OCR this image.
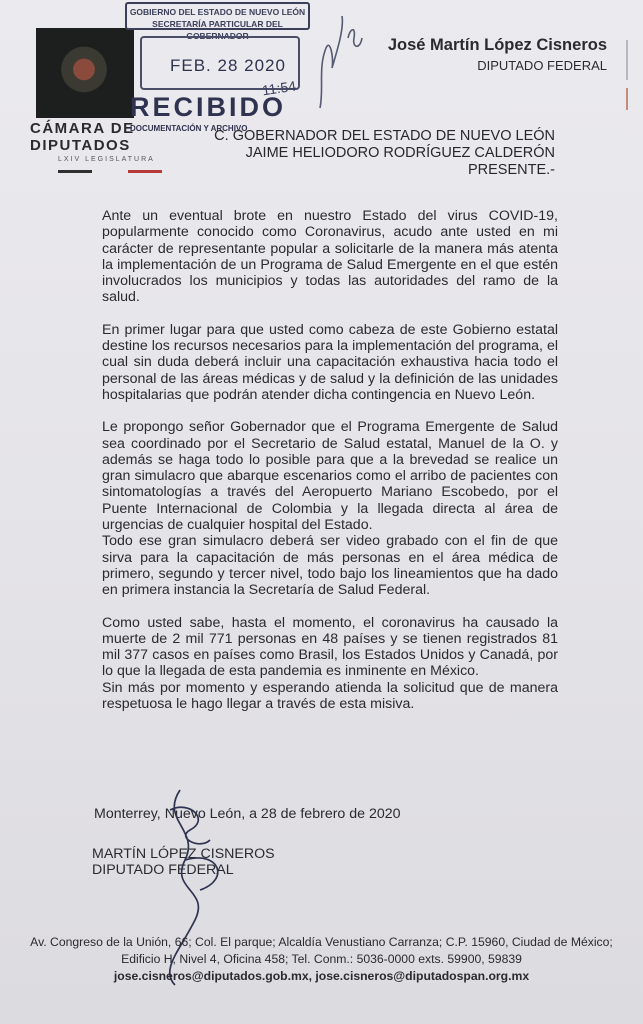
CÁMARA DE
DIPUTADOS
LXIV LEGISLATURA
GOBIERNO DEL ESTADO DE NUEVO LEÓN
SECRETARÍA PARTICULAR DEL GOBERNADOR
FEB. 28 2020
11:54
RECIBIDO
DOCUMENTACIÓN Y ARCHIVO
José Martín López Cisneros
DIPUTADO FEDERAL
C. GOBERNADOR DEL ESTADO DE NUEVO LEÓN
JAIME HELIODORO RODRÍGUEZ CALDERÓN
PRESENTE.-

Ante un eventual brote en nuestro Estado del virus COVID-19, popularmente conocido como Coronavirus, acudo ante usted en mi carácter de representante popular a solicitarle de la manera más atenta la implementación de un Programa de Salud Emergente en el que estén involucrados los municipios y todas las autoridades del ramo de la salud.

En primer lugar para que usted como cabeza de este Gobierno estatal destine los recursos necesarios para la implementación del programa, el cual sin duda deberá incluir una capacitación exhaustiva hacia todo el personal de las áreas médicas y de salud y la definición de las unidades hospitalarias que podrán atender dicha contingencia en Nuevo León.

Le propongo señor Gobernador que el Programa Emergente de Salud sea coordinado por el Secretario de Salud estatal, Manuel de la O. y además se haga todo lo posible para que a la brevedad se realice un gran simulacro que abarque escenarios como el arribo de pacientes con sintomatologías a través del Aeropuerto Mariano Escobedo, por el Puente Internacional de Colombia y la llegada directa al área de urgencias de cualquier hospital del Estado.

Todo ese gran simulacro deberá ser video grabado con el fin de que sirva para la capacitación de más personas en el área médica de primero, segundo y tercer nivel, todo bajo los lineamientos que ha dado en primera instancia la Secretaría de Salud Federal.

Como usted sabe, hasta el momento, el coronavirus ha causado la muerte de 2 mil 771 personas en 48 países y se tienen registrados 81 mil 377 casos en países como Brasil, los Estados Unidos y Canadá, por lo que la llegada de esta pandemia es inminente en México.

Sin más por momento y esperando atienda la solicitud que de manera respetuosa le hago llegar a través de esta misiva.

Monterrey, Nuevo León, a 28 de febrero de 2020
MARTÍN LÓPEZ CISNEROS
DIPUTADO FEDERAL
Av. Congreso de la Unión, 66; Col. El parque; Alcaldía Venustiano Carranza; C.P. 15960, Ciudad de México;
Edificio H, Nivel 4, Oficina 458; Tel. Conm.: 5036-0000 exts. 59900, 59839
jose.cisneros@diputados.gob.mx, jose.cisneros@diputadospan.org.mx
